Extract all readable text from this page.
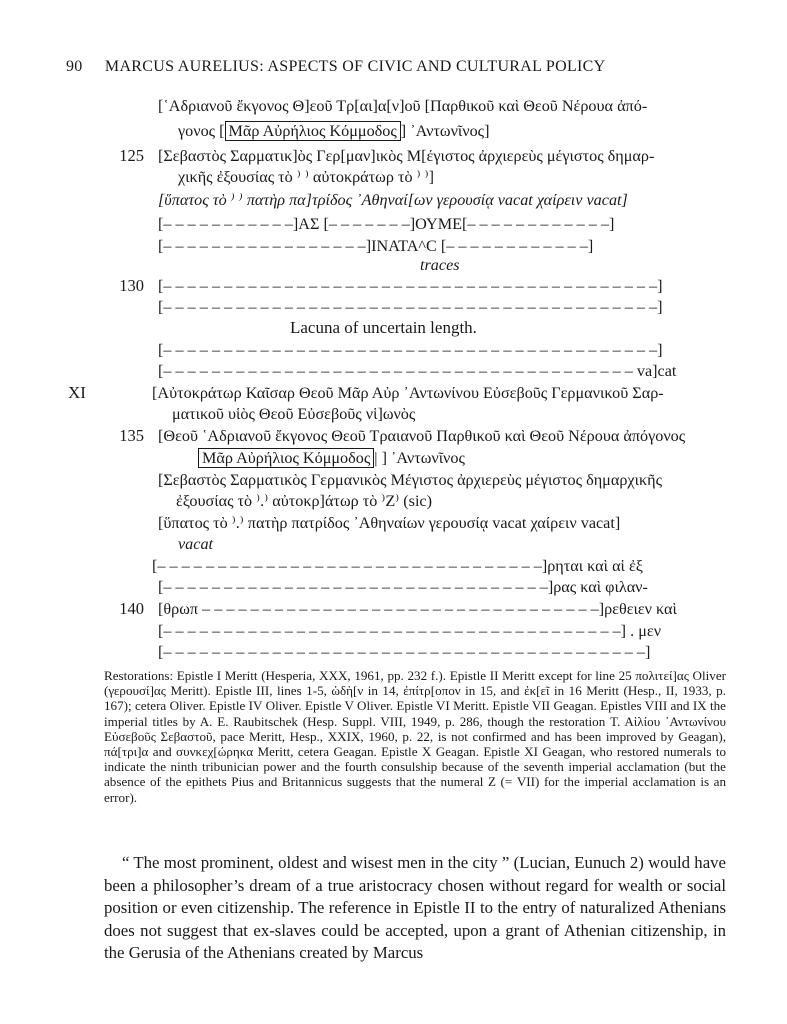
90 MARCUS AURELIUS: ASPECTS OF CIVIC AND CULTURAL POLICY
[῾Αδριανοῦ ἔκγονος Θ]εοῦ Τρ[αι]α[ν]οῦ [Παρθικοῦ καὶ Θεοῦ Νέρουα ἀπό-
γονος [ Μᾶρ Αὐρήλιος Κόμμοδος ] ᾿Αντωνῖνος]
125 [Σεβαστὸς Σαρματικ]ὸς Γερ[μαν]ικὸς Μ[έγιστος ἀρχιερεὺς μέγιστος δημαρ-
χικῆς ἐξουσίας τὸ ⁾ ⁾ αὐτοκράτωρ τὸ ⁾ ⁾]
[ὕπατος τὸ ⁾ ⁾ πατὴρ πα]τρίδος ᾿Αθηναί[ων γερουσίᾳ vacat χαίρειν vacat]
[– – – – – – – – – – –]ΑΣ [– – – – – – –]ΟΥΜΕ[– – – – – – – – – – – –]
[– – – – – – – – – – – – – – – – –]ΙΝΑΤΑ^C [– – – – – – – – – – – –]
traces
130 [– – – – – – – – – – – – – – – – – – – – – – – – – – – – – – – – – – – – – – – – –]
[– – – – – – – – – – – – – – – – – – – – – – – – – – – – – – – – – – – – – – – – –]
Lacuna of uncertain length.
[– – – – – – – – – – – – – – – – – – – – – – – – – – – – – – – – – – – – – – – – –]
[– – – – – – – – – – – – – – – – – – – – – – – – – – – – – – – – – – – – – – – va]cat
XI	[Αὐτοκράτωρ Καῖσαρ Θεοῦ Μᾶρ Αὐρ ᾿Αντωνίνου Εὐσεβοῦς Γερμανικοῦ Σαρ-
ματικοῦ υἱὸς Θεοῦ Εὐσεβοῦς νἱ]ωνὸς
135 [Θεοῦ ῾Αδριανοῦ ἔκγονος Θεοῦ Τραιανοῦ Παρθικοῦ καὶ Θεοῦ Νέρουα ἀπόγονος
Μᾶρ Αὐρήλιος Κόμμοδος | ] ᾿Αντωνῖνος
[Σεβαστὸς Σαρματικὸς Γερμανικὸς Μέγιστος ἀρχιερεὺς μέγιστος δημαρχικῆς
ἐξουσίας τὸ ⁾.⁾ αὐτοκρ]άτωρ τὸ ⁾Ζ⁾ (sic)
[ὕπατος τὸ ⁾.⁾ πατὴρ πατρίδος ᾿Αθηναίων γερουσίᾳ vacat χαίρειν vacat]
vacat
[– – – – – – – – – – – – – – – – – – – – – – – – – – – – – – – –]ρηται καὶ αἱ ἐξ
[– – – – – – – – – – – – – – – – – – – – – – – – – – – – – – – –]ρας καὶ φιλαν-
140 [θρωπ – – – – – – – – – – – – – – – – – – – – – – – – – – – – – – – – –]ρεθειεν καὶ
[– – – – – – – – – – – – – – – – – – – – – – – – – – – – – – – – – – – – – –] . μεν
[– – – – – – – – – – – – – – – – – – – – – – – – – – – – – – – – – – – – – – – –]
Restorations: Epistle I Meritt (Hesperia, XXX, 1961, pp. 232 f.). Epistle II Meritt except for line 25 πολιτεί]ας Oliver (γερουσί]ας Meritt). Epistle III, lines 1-5, ὡδὴ[ν in 14, ἐπίτρ[οπον in 15, and ἐκ[εῖ in 16 Meritt (Hesp., II, 1933, p. 167); cetera Oliver. Epistle IV Oliver. Epistle V Oliver. Epistle VI Meritt. Epistle VII Geagan. Epistles VIII and IX the imperial titles by A. E. Raubitschek (Hesp. Suppl. VIII, 1949, p. 286, though the restoration Τ. Αἰλίου ᾿Αντωνίνου Εὐσεβοῦς Σεβαστοῦ, pace Meritt, Hesp., XXIX, 1960, p. 22, is not confirmed and has been improved by Geagan), πά[τρι]α and συνκεχ[ώρηκα Meritt, cetera Geagan. Epistle X Geagan. Epistle XI Geagan, who restored numerals to indicate the ninth tribunician power and the fourth consulship because of the seventh imperial acclamation (but the absence of the epithets Pius and Britannicus suggests that the numeral Ζ (= VII) for the imperial acclamation is an error).
“ The most prominent, oldest and wisest men in the city ” (Lucian, Eunuch 2) would have been a philosopher’s dream of a true aristocracy chosen without regard for wealth or social position or even citizenship. The reference in Epistle II to the entry of naturalized Athenians does not suggest that ex-slaves could be accepted, upon a grant of Athenian citizenship, in the Gerusia of the Athenians created by Marcus
